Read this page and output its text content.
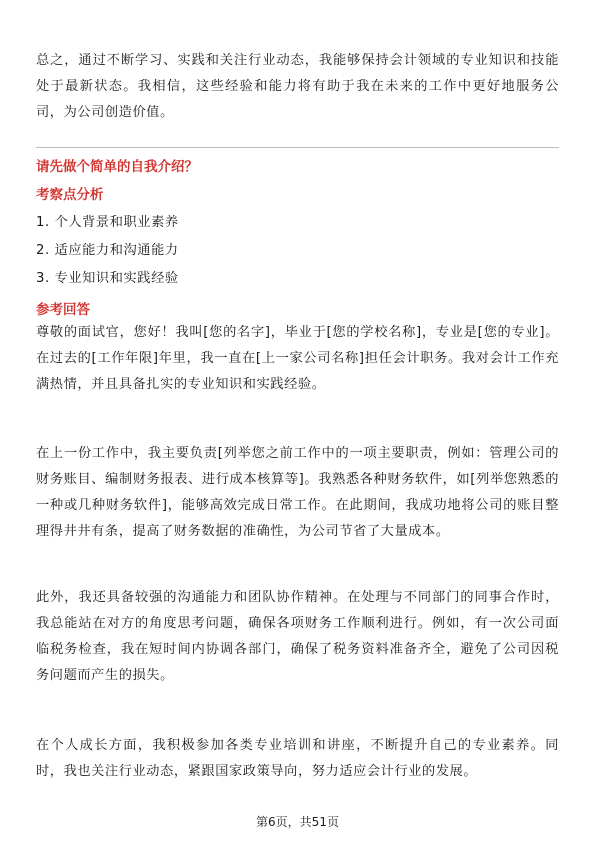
总之，通过不断学习、实践和关注行业动态，我能够保持会计领域的专业知识和技能处于最新状态。我相信，这些经验和能力将有助于我在未来的工作中更好地服务公司，为公司创造价值。

请先做个简单的自我介绍？
考察点分析
1. 个人背景和职业素养
2. 适应能力和沟通能力
3. 专业知识和实践经验
参考回答

尊敬的面试官，您好！我叫[您的名字]，毕业于[您的学校名称]，专业是[您的专业]。在过去的[工作年限]年里，我一直在[上一家公司名称]担任会计职务。我对会计工作充满热情，并且具备扎实的专业知识和实践经验。

在上一份工作中，我主要负责[列举您之前工作中的一项主要职责，例如：管理公司的财务账目、编制财务报表、进行成本核算等]。我熟悉各种财务软件，如[列举您熟悉的一种或几种财务软件]，能够高效完成日常工作。在此期间，我成功地将公司的账目整理得井井有条，提高了财务数据的准确性，为公司节省了大量成本。

此外，我还具备较强的沟通能力和团队协作精神。在处理与不同部门的同事合作时，我总能站在对方的角度思考问题，确保各项财务工作顺利进行。例如，有一次公司面临税务检查，我在短时间内协调各部门，确保了税务资料准备齐全，避免了公司因税务问题而产生的损失。

在个人成长方面，我积极参加各类专业培训和讲座，不断提升自己的专业素养。同时，我也关注行业动态，紧跟国家政策导向，努力适应会计行业的发展。

第6页，共51页
